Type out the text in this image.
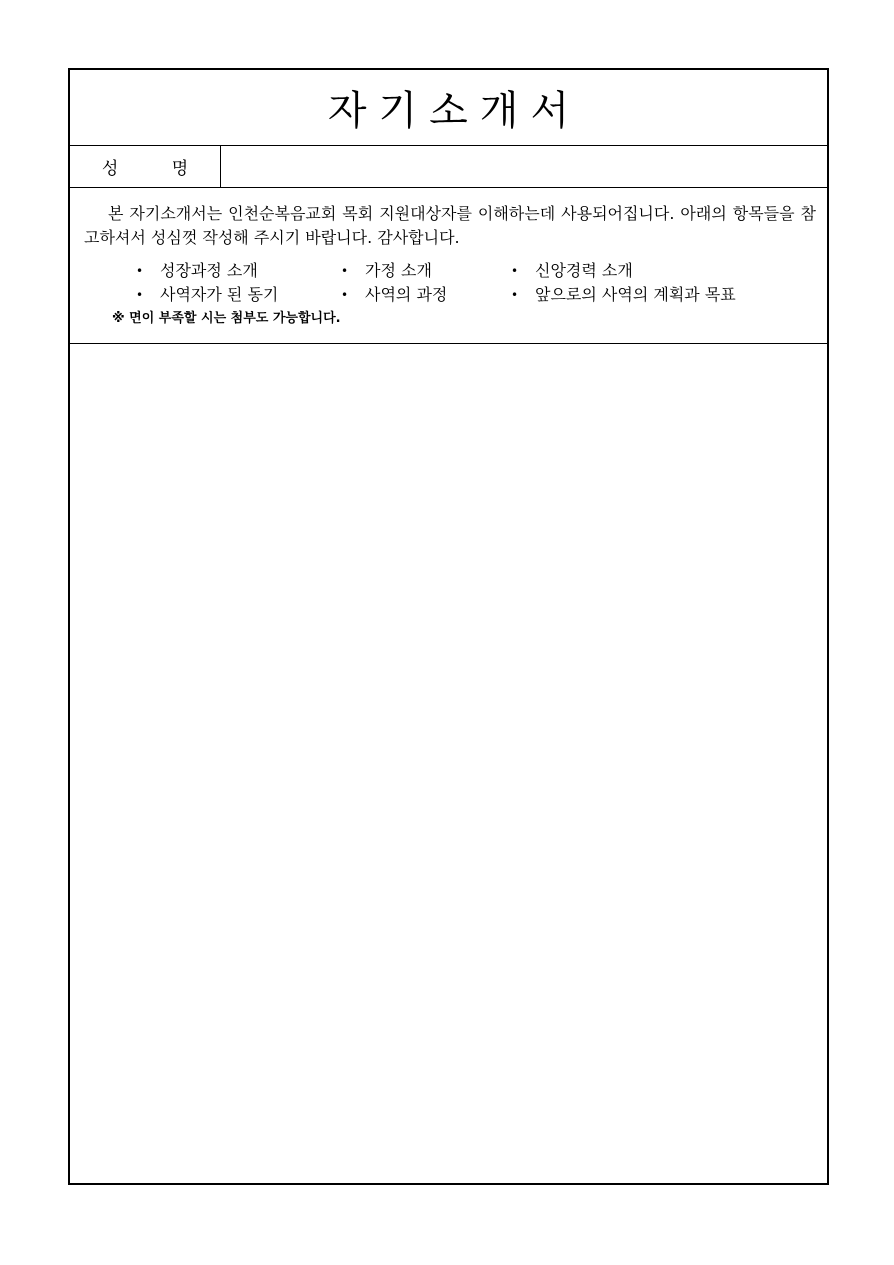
자기소개서
성 명

본 자기소개서는 인천순복음교회 목회 지원대상자를 이해하는데 사용되어집니다. 아래의 항목들을 참고하셔서 성심껏 작성해 주시기 바랍니다. 감사합니다.

•	성장과정 소개	•	가정 소개	•	신앙경력 소개
•	사역자가 된 동기	•	사역의 과정	•	앞으로의 사역의 계획과 목표
※ 면이 부족할 시는 첨부도 가능합니다.
